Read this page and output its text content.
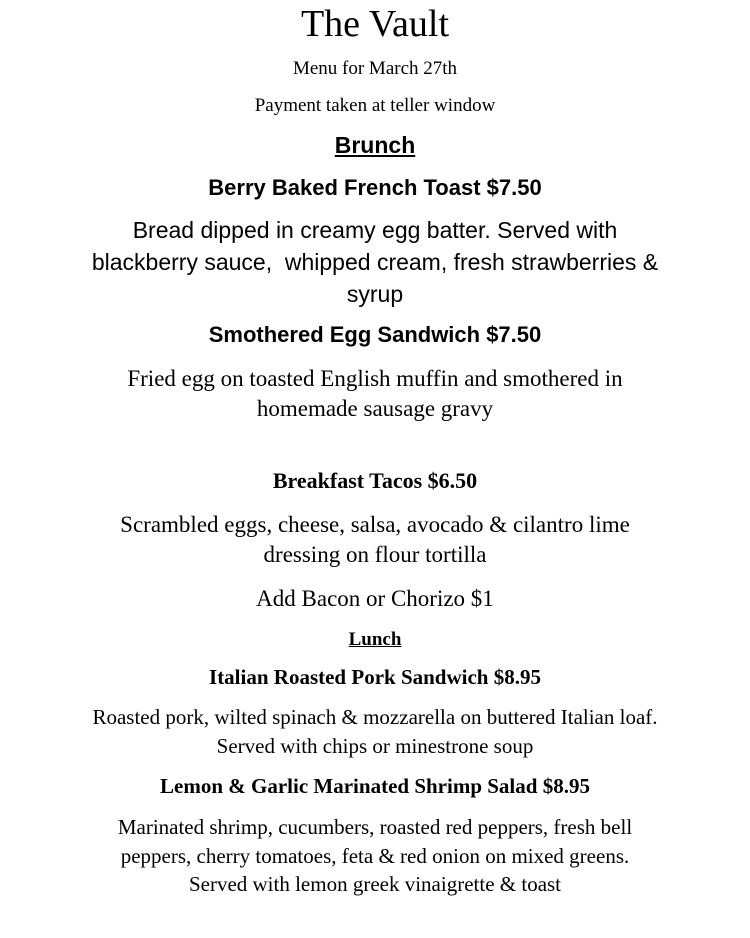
The Vault
Menu for March 27th
Payment taken at teller window
Brunch
Berry Baked French Toast $7.50
Bread dipped in creamy egg batter. Served with
blackberry sauce,  whipped cream, fresh strawberries &
syrup
Smothered Egg Sandwich $7.50
Fried egg on toasted English muffin and smothered in
homemade sausage gravy
Breakfast Tacos $6.50
Scrambled eggs, cheese, salsa, avocado & cilantro lime
dressing on flour tortilla
Add Bacon or Chorizo $1
Lunch
Italian Roasted Pork Sandwich $8.95
Roasted pork, wilted spinach & mozzarella on buttered Italian loaf.
Served with chips or minestrone soup
Lemon & Garlic Marinated Shrimp Salad $8.95
Marinated shrimp, cucumbers, roasted red peppers, fresh bell
peppers, cherry tomatoes, feta & red onion on mixed greens.
Served with lemon greek vinaigrette & toast
